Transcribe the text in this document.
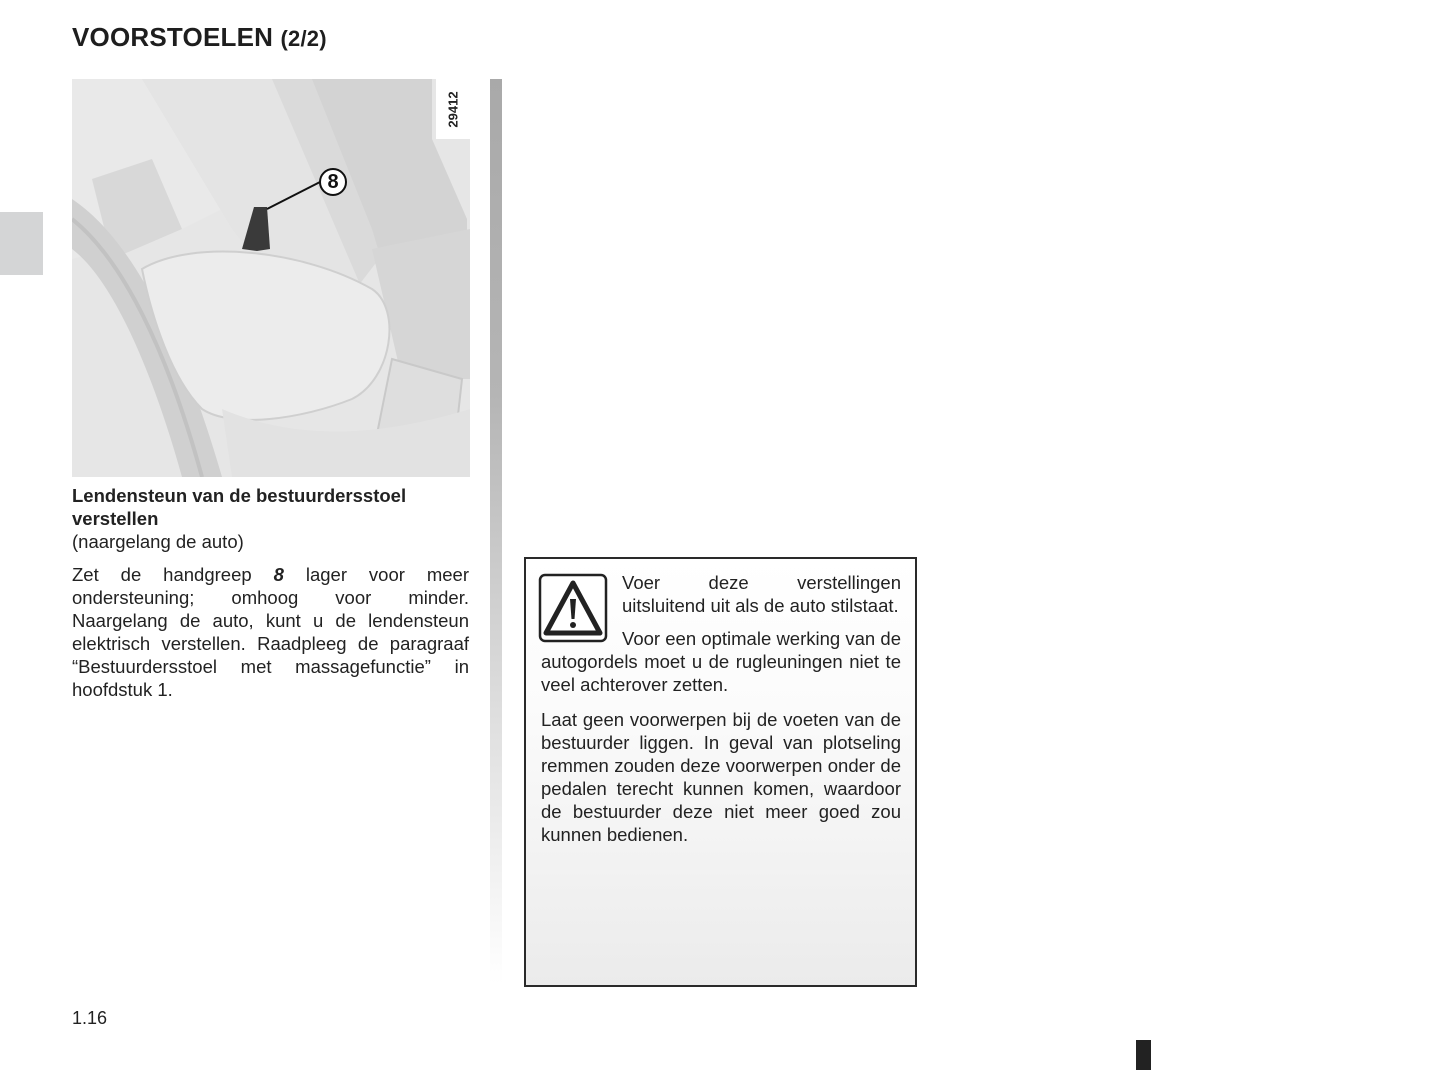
VOORSTOELEN (2/2)
8
29412

Lendensteun van de bestuurdersstoel verstellen

(naargelang de auto)

Zet de handgreep 8 lager voor meer ondersteuning; omhoog voor minder. Naargelang de auto, kunt u de lendensteun elektrisch verstellen. Raadpleeg de paragraaf “Bestuurdersstoel met massagefunctie” in hoofdstuk 1.

Voer deze verstellingen uitsluitend uit als de auto stilstaat.

Voor een optimale werking van de autogordels moet u de rugleuningen niet te veel achterover zetten.

Laat geen voorwerpen bij de voeten van de bestuurder liggen. In geval van plotseling remmen zouden deze voorwerpen onder de pedalen terecht kunnen komen, waardoor de bestuurder deze niet meer goed zou kunnen bedienen.

1.16
